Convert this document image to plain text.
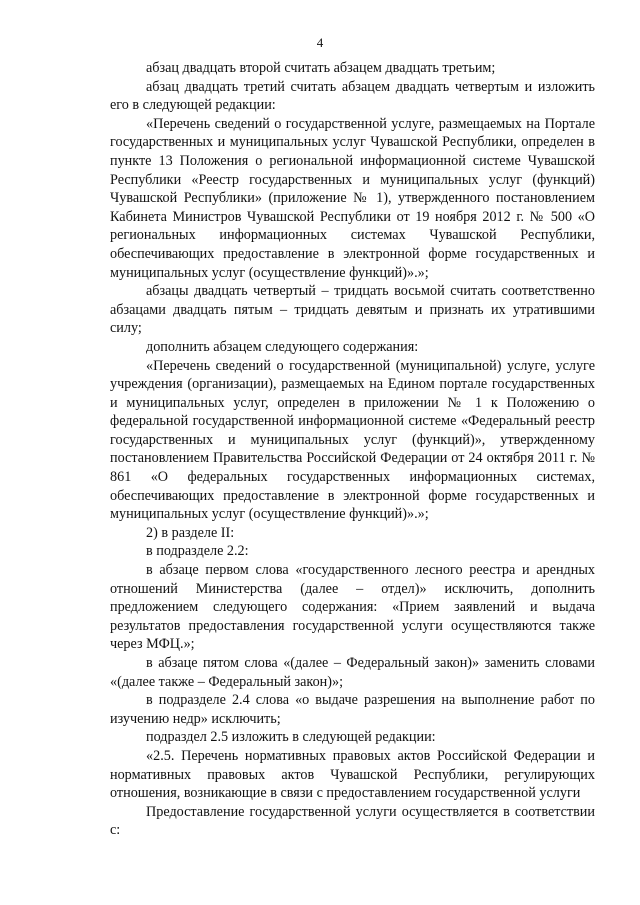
4

абзац двадцать второй считать абзацем двадцать третьим;

абзац двадцать третий считать абзацем двадцать четвертым и изложить его в следующей редакции:

«Перечень сведений о государственной услуге, размещаемых на Портале государственных и муниципальных услуг Чувашской Республики, определен в пункте 13 Положения о региональной информационной системе Чувашской Республики «Реестр государственных и муниципальных услуг (функций) Чувашской Республики» (приложение № 1), утвержденного постановлением Кабинета Министров Чувашской Республики от 19 ноября 2012 г. № 500 «О региональных информационных системах Чувашской Республики, обеспечивающих предоставление в электронной форме государственных и муниципальных услуг (осуществление функций)».»;

абзацы двадцать четвертый – тридцать восьмой считать соответственно абзацами двадцать пятым – тридцать девятым и признать их утратившими силу;

дополнить абзацем следующего содержания:

«Перечень сведений о государственной (муниципальной) услуге, услуге учреждения (организации), размещаемых на Едином портале государственных и муниципальных услуг, определен в приложении № 1 к Положению о федеральной государственной информационной системе «Федеральный реестр государственных и муниципальных услуг (функций)», утвержденному постановлением Правительства Российской Федерации от 24 октября 2011 г. № 861 «О федеральных государственных информационных системах, обеспечивающих предоставление в электронной форме государственных и муниципальных услуг (осуществление функций)».»;

2) в разделе II:

в подразделе 2.2:

в абзаце первом слова «государственного лесного реестра и арендных отношений Министерства (далее – отдел)» исключить, дополнить предложением следующего содержания: «Прием заявлений и выдача результатов предоставления государственной услуги осуществляются также через МФЦ.»;

в абзаце пятом слова «(далее – Федеральный закон)» заменить словами «(далее также – Федеральный закон)»;

в подразделе 2.4 слова «о выдаче разрешения на выполнение работ по изучению недр» исключить;

подраздел 2.5 изложить в следующей редакции:

«2.5. Перечень нормативных правовых актов Российской Федерации и нормативных правовых актов Чувашской Республики, регулирующих отношения, возникающие в связи с предоставлением государственной услуги

Предоставление государственной услуги осуществляется в соответствии с:
